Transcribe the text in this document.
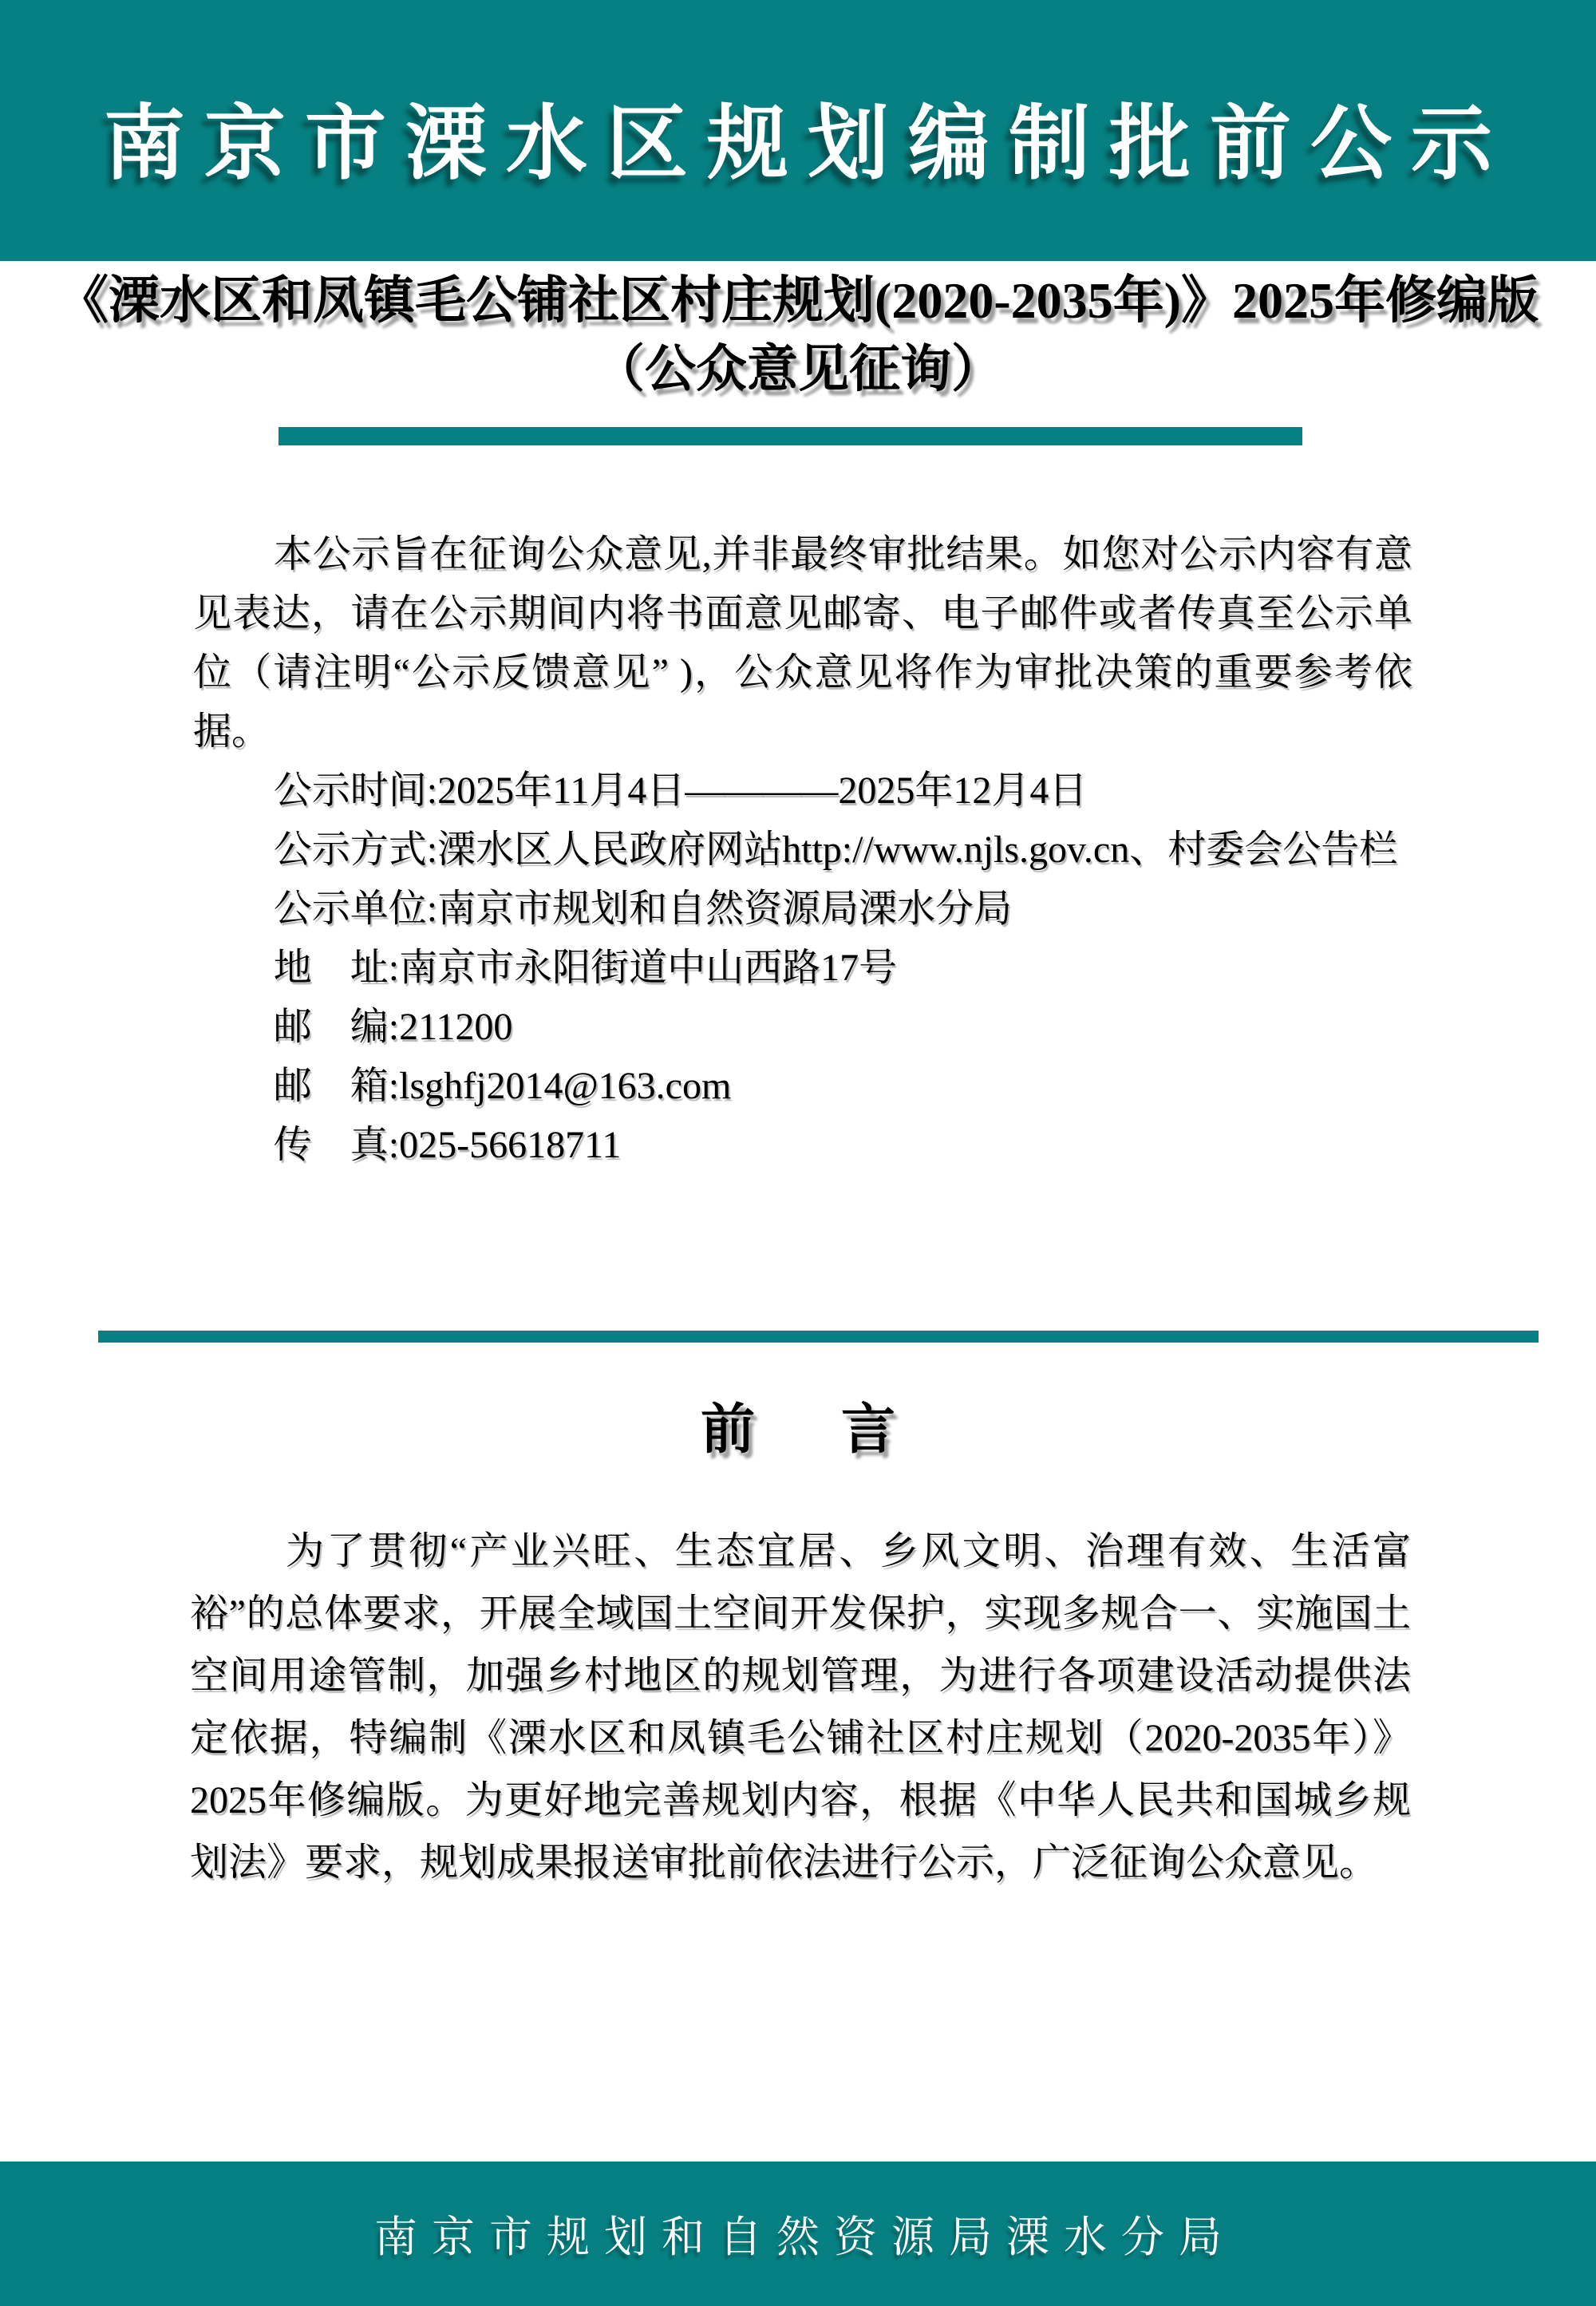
南京市溧水区规划编制批前公示
《溧水区和凤镇毛公铺社区村庄规划(2020-2035年)》2025年修编版
（公众意见征询）

本公示旨在征询公众意见,并非最终审批结果。如您对公示内容有意见表达，请在公示期间内将书面意见邮寄、电子邮件或者传真至公示单位（请注明“公示反馈意见” )，公众意见将作为审批决策的重要参考依据。

公示时间:2025年11月4日————2025年12月4日

公示方式:溧水区人民政府网站http://www.njls.gov.cn、村委会公告栏

公示单位:南京市规划和自然资源局溧水分局

地　址:南京市永阳街道中山西路17号

邮　编:211200

邮　箱:lsghfj2014@163.com

传　真:025-56618711

前　言

为了贯彻“产业兴旺、生态宜居、乡风文明、治理有效、生活富裕”的总体要求，开展全域国土空间开发保护，实现多规合一、实施国土空间用途管制，加强乡村地区的规划管理，为进行各项建设活动提供法定依据，特编制《溧水区和凤镇毛公铺社区村庄规划（2020-2035年）》2025年修编版。为更好地完善规划内容，根据《中华人民共和国城乡规划法》要求，规划成果报送审批前依法进行公示，广泛征询公众意见。

南京市规划和自然资源局溧水分局
